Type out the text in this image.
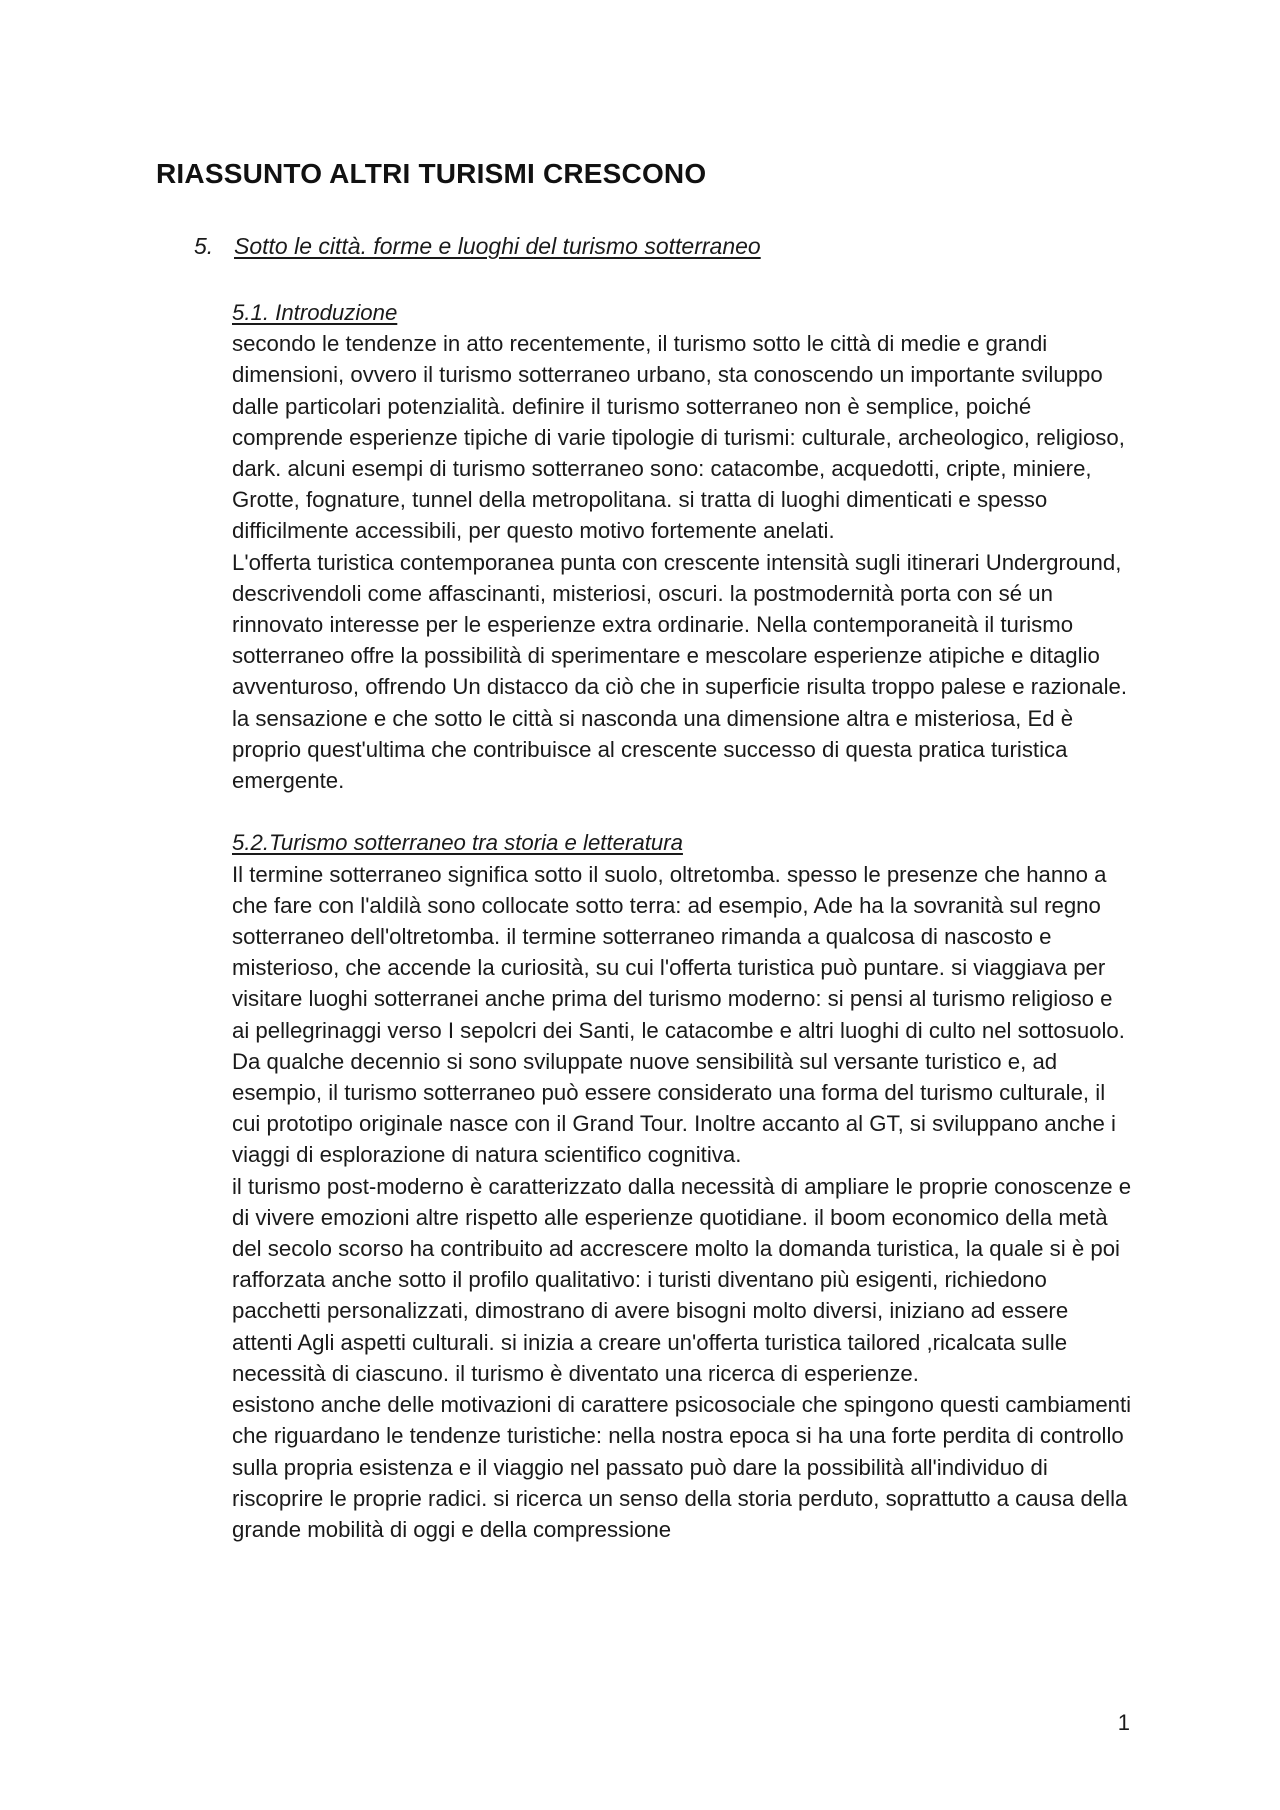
RIASSUNTO ALTRI TURISMI CRESCONO
5. Sotto le città. forme e luoghi del turismo sotterraneo
5.1. Introduzione

secondo le tendenze in atto recentemente, il turismo sotto le città di medie e grandi dimensioni, ovvero il turismo sotterraneo urbano, sta conoscendo un importante sviluppo dalle particolari potenzialità. definire il turismo sotterraneo non è semplice, poiché comprende esperienze tipiche di varie tipologie di turismi: culturale, archeologico, religioso, dark. alcuni esempi di turismo sotterraneo sono: catacombe, acquedotti, cripte, miniere, Grotte, fognature, tunnel della metropolitana. si tratta di luoghi dimenticati e spesso difficilmente accessibili, per questo motivo fortemente anelati.

L'offerta turistica contemporanea punta con crescente intensità sugli itinerari Underground, descrivendoli come affascinanti, misteriosi, oscuri. la postmodernità porta con sé un rinnovato interesse per le esperienze extra ordinarie. Nella contemporaneità il turismo sotterraneo offre la possibilità di sperimentare e mescolare esperienze atipiche e ditaglio avventuroso, offrendo Un distacco da ciò che in superficie risulta troppo palese e razionale. la sensazione e che sotto le città si nasconda una dimensione altra e misteriosa, Ed è proprio quest'ultima che contribuisce al crescente successo di questa pratica turistica emergente.

5.2.Turismo sotterraneo tra storia e letteratura

Il termine sotterraneo significa sotto il suolo, oltretomba. spesso le presenze che hanno a che fare con l'aldilà sono collocate sotto terra: ad esempio, Ade ha la sovranità sul regno sotterraneo dell'oltretomba. il termine sotterraneo rimanda a qualcosa di nascosto e misterioso, che accende la curiosità, su cui l'offerta turistica può puntare. si viaggiava per visitare luoghi sotterranei anche prima del turismo moderno: si pensi al turismo religioso e ai pellegrinaggi verso I sepolcri dei Santi, le catacombe e altri luoghi di culto nel sottosuolo.

Da qualche decennio si sono sviluppate nuove sensibilità sul versante turistico e, ad esempio, il turismo sotterraneo può essere considerato una forma del turismo culturale, il cui prototipo originale nasce con il Grand Tour. Inoltre accanto al GT, si sviluppano anche i viaggi di esplorazione di natura scientifico cognitiva.

il turismo post-moderno è caratterizzato dalla necessità di ampliare le proprie conoscenze e di vivere emozioni altre rispetto alle esperienze quotidiane. il boom economico della metà del secolo scorso ha contribuito ad accrescere molto la domanda turistica, la quale si è poi rafforzata anche sotto il profilo qualitativo: i turisti diventano più esigenti, richiedono pacchetti personalizzati, dimostrano di avere bisogni molto diversi, iniziano ad essere attenti Agli aspetti culturali. si inizia a creare un'offerta turistica tailored ,ricalcata sulle necessità di ciascuno. il turismo è diventato una ricerca di esperienze.

esistono anche delle motivazioni di carattere psicosociale che spingono questi cambiamenti che riguardano le tendenze turistiche: nella nostra epoca si ha una forte perdita di controllo sulla propria esistenza e il viaggio nel passato può dare la possibilità all'individuo di riscoprire le proprie radici. si ricerca un senso della storia perduto, soprattutto a causa della grande mobilità di oggi e della compressione

1
